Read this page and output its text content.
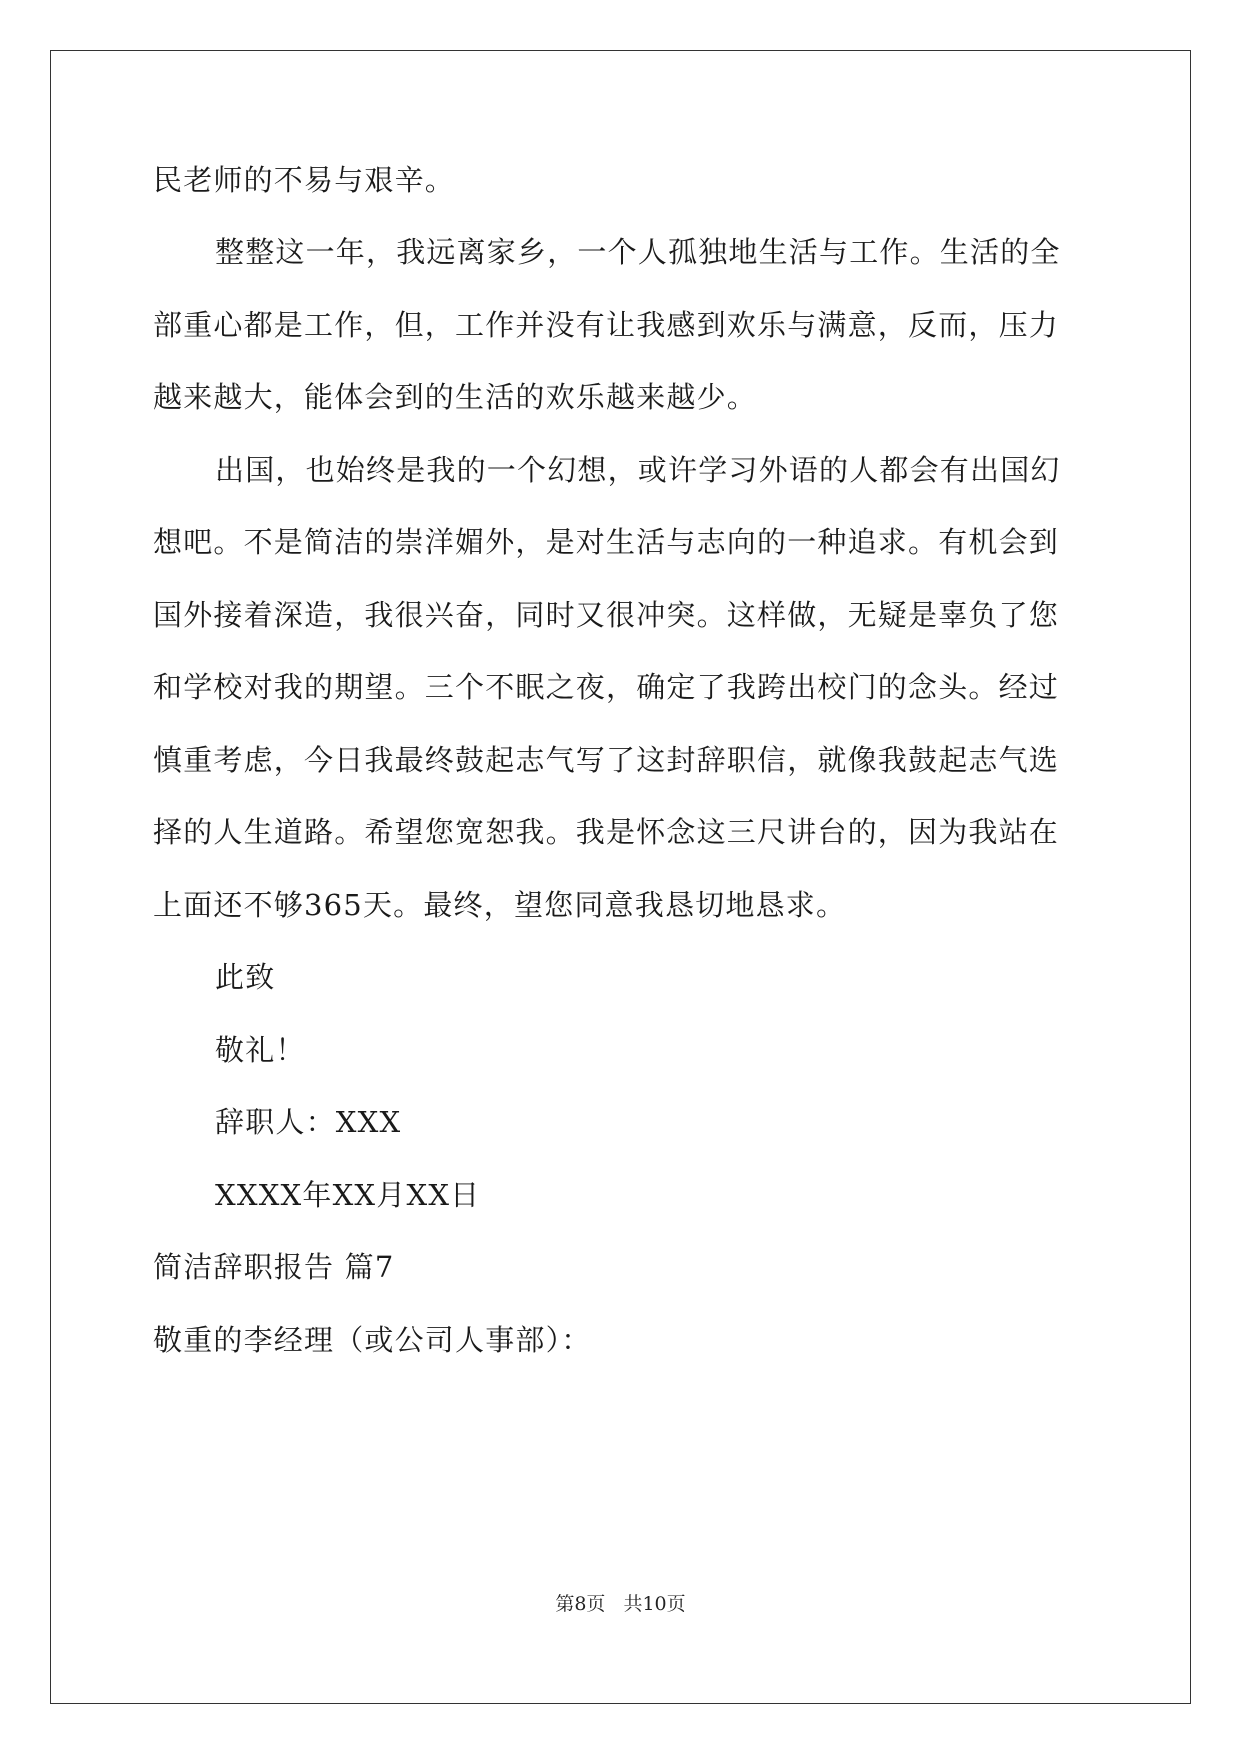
民老师的不易与艰辛。
整整这一年，我远离家乡，一个人孤独地生活与工作。生活的全
部重心都是工作，但，工作并没有让我感到欢乐与满意，反而，压力
越来越大，能体会到的生活的欢乐越来越少。
出国，也始终是我的一个幻想，或许学习外语的人都会有出国幻
想吧。不是简洁的崇洋媚外，是对生活与志向的一种追求。有机会到
国外接着深造，我很兴奋，同时又很冲突。这样做，无疑是辜负了您
和学校对我的期望。三个不眠之夜，确定了我跨出校门的念头。经过
慎重考虑，今日我最终鼓起志气写了这封辞职信，就像我鼓起志气选
择的人生道路。希望您宽恕我。我是怀念这三尺讲台的，因为我站在
上面还不够365天。最终，望您同意我恳切地恳求。
此致
敬礼！
辞职人：XXX
XXXX年XX月XX日
简洁辞职报告 篇7
敬重的李经理（或公司人事部）：
第8页 共10页
